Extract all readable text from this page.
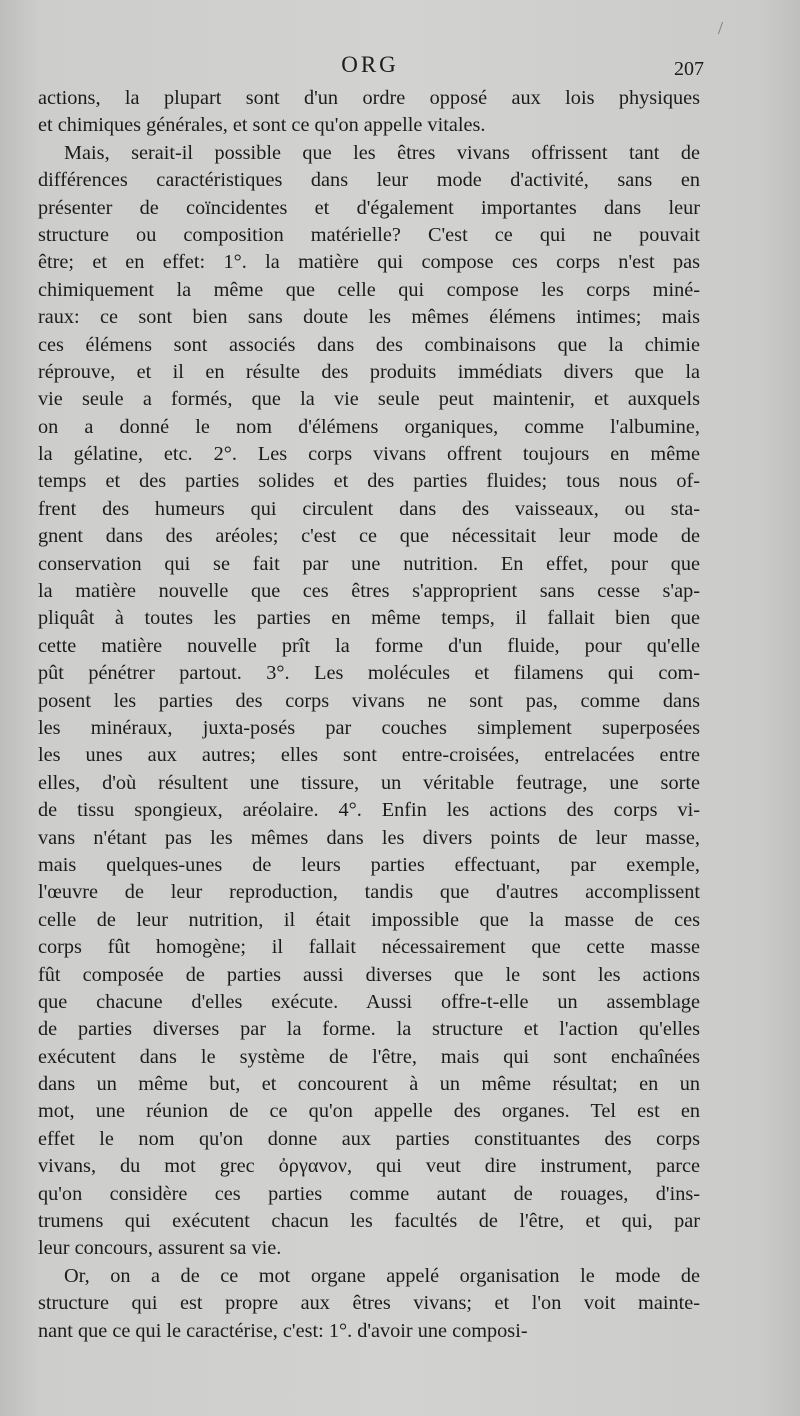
ORG	207
/
actions, la plupart sont d'un ordre opposé aux lois physiques
et chimiques générales, et sont ce qu'on appelle vitales.
Mais, serait-il possible que les êtres vivans offrissent tant de
différences caractéristiques dans leur mode d'activité, sans en
présenter de coïncidentes et d'également importantes dans leur
structure ou composition matérielle? C'est ce qui ne pouvait
être; et en effet: 1°. la matière qui compose ces corps n'est pas
chimiquement la même que celle qui compose les corps miné-
raux: ce sont bien sans doute les mêmes élémens intimes; mais
ces élémens sont associés dans des combinaisons que la chimie
réprouve, et il en résulte des produits immédiats divers que la
vie seule a formés, que la vie seule peut maintenir, et auxquels
on a donné le nom d'élémens organiques, comme l'albumine,
la gélatine, etc. 2°. Les corps vivans offrent toujours en même
temps et des parties solides et des parties fluides; tous nous of-
frent des humeurs qui circulent dans des vaisseaux, ou sta-
gnent dans des aréoles; c'est ce que nécessitait leur mode de
conservation qui se fait par une nutrition. En effet, pour que
la matière nouvelle que ces êtres s'approprient sans cesse s'ap-
pliquât à toutes les parties en même temps, il fallait bien que
cette matière nouvelle prît la forme d'un fluide, pour qu'elle
pût pénétrer partout. 3°. Les molécules et filamens qui com-
posent les parties des corps vivans ne sont pas, comme dans
les minéraux, juxta-posés par couches simplement superposées
les unes aux autres; elles sont entre-croisées, entrelacées entre
elles, d'où résultent une tissure, un véritable feutrage, une sorte
de tissu spongieux, aréolaire. 4°. Enfin les actions des corps vi-
vans n'étant pas les mêmes dans les divers points de leur masse,
mais quelques-unes de leurs parties effectuant, par exemple,
l'œuvre de leur reproduction, tandis que d'autres accomplissent
celle de leur nutrition, il était impossible que la masse de ces
corps fût homogène; il fallait nécessairement que cette masse
fût composée de parties aussi diverses que le sont les actions
que chacune d'elles exécute. Aussi offre-t-elle un assemblage
de parties diverses par la forme. la structure et l'action qu'elles
exécutent dans le système de l'être, mais qui sont enchaînées
dans un même but, et concourent à un même résultat; en un
mot, une réunion de ce qu'on appelle des organes. Tel est en
effet le nom qu'on donne aux parties constituantes des corps
vivans, du mot grec ὀργανον, qui veut dire instrument, parce
qu'on considère ces parties comme autant de rouages, d'ins-
trumens qui exécutent chacun les facultés de l'être, et qui, par
leur concours, assurent sa vie.
Or, on a de ce mot organe appelé organisation le mode de
structure qui est propre aux êtres vivans; et l'on voit mainte-
nant que ce qui le caractérise, c'est: 1°. d'avoir une composi-
